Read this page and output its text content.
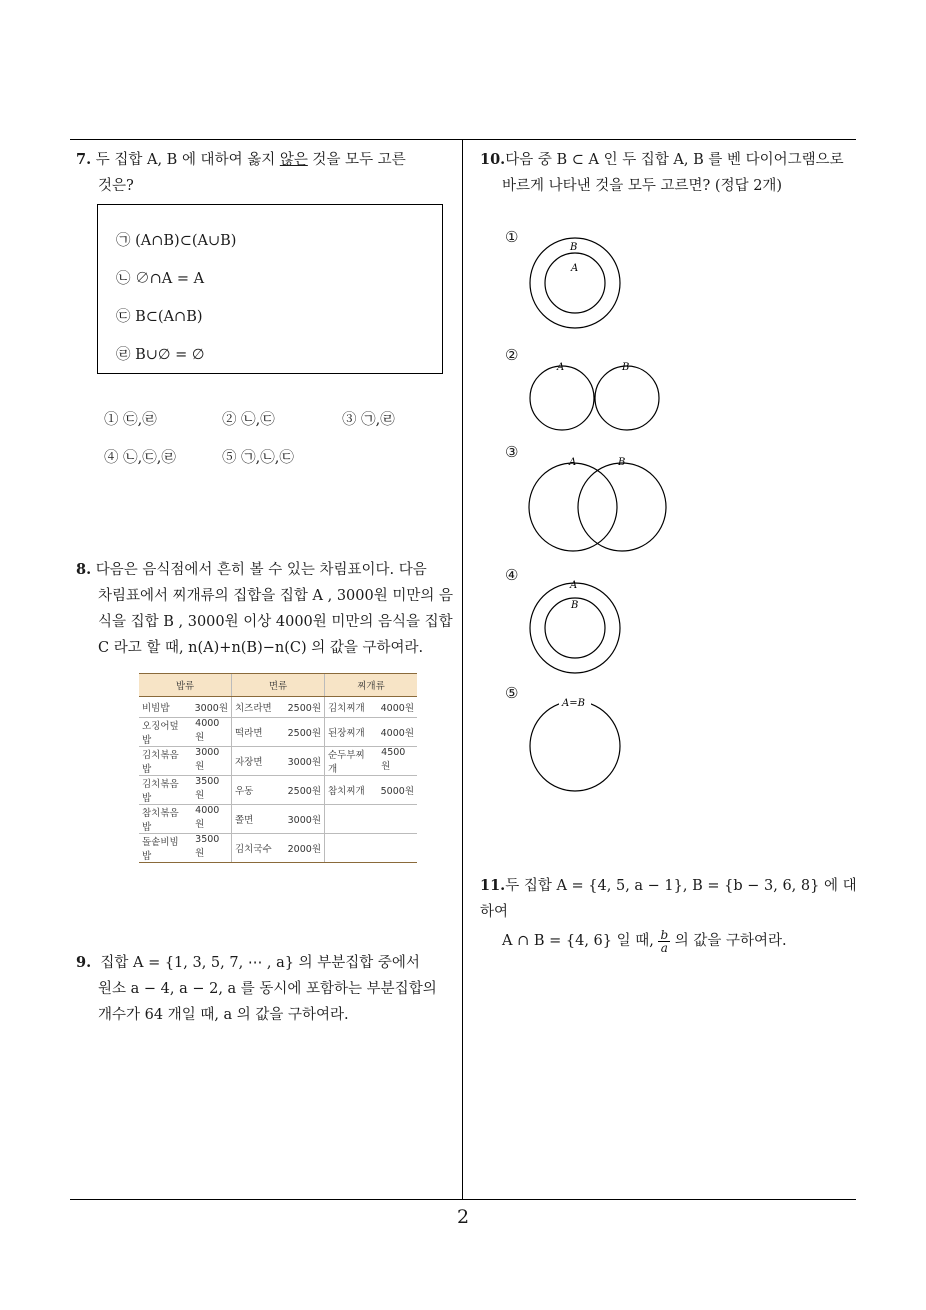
7. 두 집합 A, B 에 대하여 옳지 않은 것을 모두 고른
것은?
㉠ (A∩B)⊂(A∪B)
㉡ ∅∩A = A
㉢ B⊂(A∩B)
㉣ B∪∅ = ∅
① ㉢,㉣	② ㉡,㉢	③ ㉠,㉣
④ ㉡,㉢,㉣	⑤ ㉠,㉡,㉢
8. 다음은 음식점에서 흔히 볼 수 있는 차림표이다. 다음
차림표에서 찌개류의 집합을 집합 A , 3000원 미만의 음
식을 집합 B , 3000원 이상 4000원 미만의 음식을 집합
C 라고 할 때, n(A)+n(B)−n(C) 의 값을 구하여라.
밥류	면류	찌개류

비빔밥 3000원	치즈라면 2500원	김치찌개 4000원

오징어덮밥
4000원	떡라면 2500원	된장찌개 4000원

김치볶음밥
3000원	자장면 3000원	순두부찌개
4500원

김치볶음밥
3500원	우동 2500원	참치찌개 5000원

참치볶음밥
4000원	쫄면 3000원	

돌솥비빔밥
3500원	김치국수 2000원	

9. 집합 A = {1, 3, 5, 7, ⋯ , a} 의 부분집합 중에서
원소 a − 4, a − 2, a 를 동시에 포함하는 부분집합의
개수가 64 개일 때, a 의 값을 구하여라.
10.다음 중 B ⊂ A 인 두 집합 A, B 를 벤 다이어그램으로
바르게 나타낸 것을 모두 고르면? (정답 2개)
①
B
A
②
A	B
③
A	B
④
A
B
⑤
A=B
11.두 집합 A = {4, 5, a − 1}, B = {b − 3, 6, 8} 에 대하여
A ∩ B = {4, 6} 일 때, $\frac{b}{a}$ 의 값을 구하여라.
2
